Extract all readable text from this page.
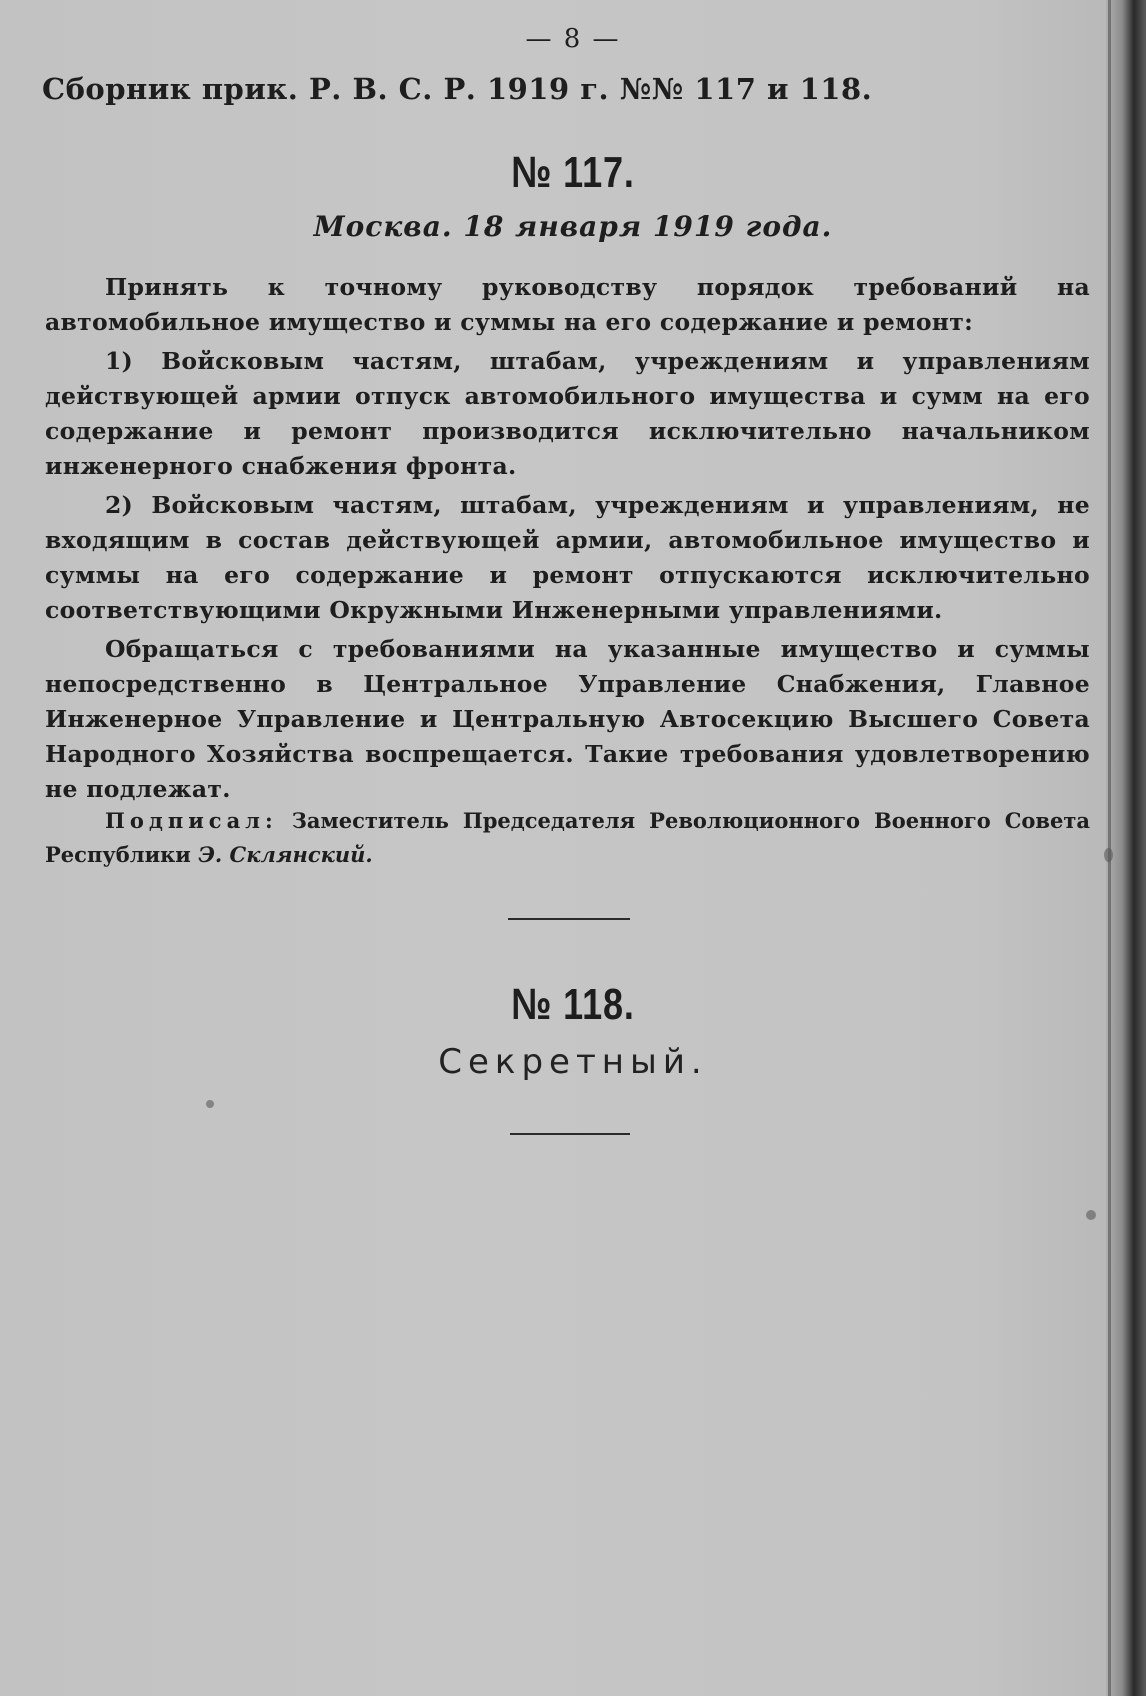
— 8 —
Сборник прик. Р. В. С. Р. 1919 г. №№ 117 и 118.
№ 117.
Москва. 18 января 1919 года.

Принять к точному руководству порядок требований на автомобильное имущество и суммы на его содержание и ремонт:

1) Войсковым частям, штабам, учреждениям и управлениям действующей армии отпуск автомобильного имущества и сумм на его содержание и ремонт производится исключительно начальником инженерного снабжения фронта.

2) Войсковым частям, штабам, учреждениям и управлениям, не входящим в состав действующей армии, автомобильное имущество и суммы на его содержание и ремонт отпускаются исключительно соответствующими Окружными Инженерными управлениями.

Обращаться с требованиями на указанные имущество и суммы непосредственно в Центральное Управление Снабжения, Главное Инженерное Управление и Центральную Автосекцию Высшего Совета Народного Хозяйства воспрещается. Такие требования удовлетворению не подлежат.

Подписал: Заместитель Председателя Революционного Военного Совета Республики Э. Склянский.
№ 118.
Секретный.
